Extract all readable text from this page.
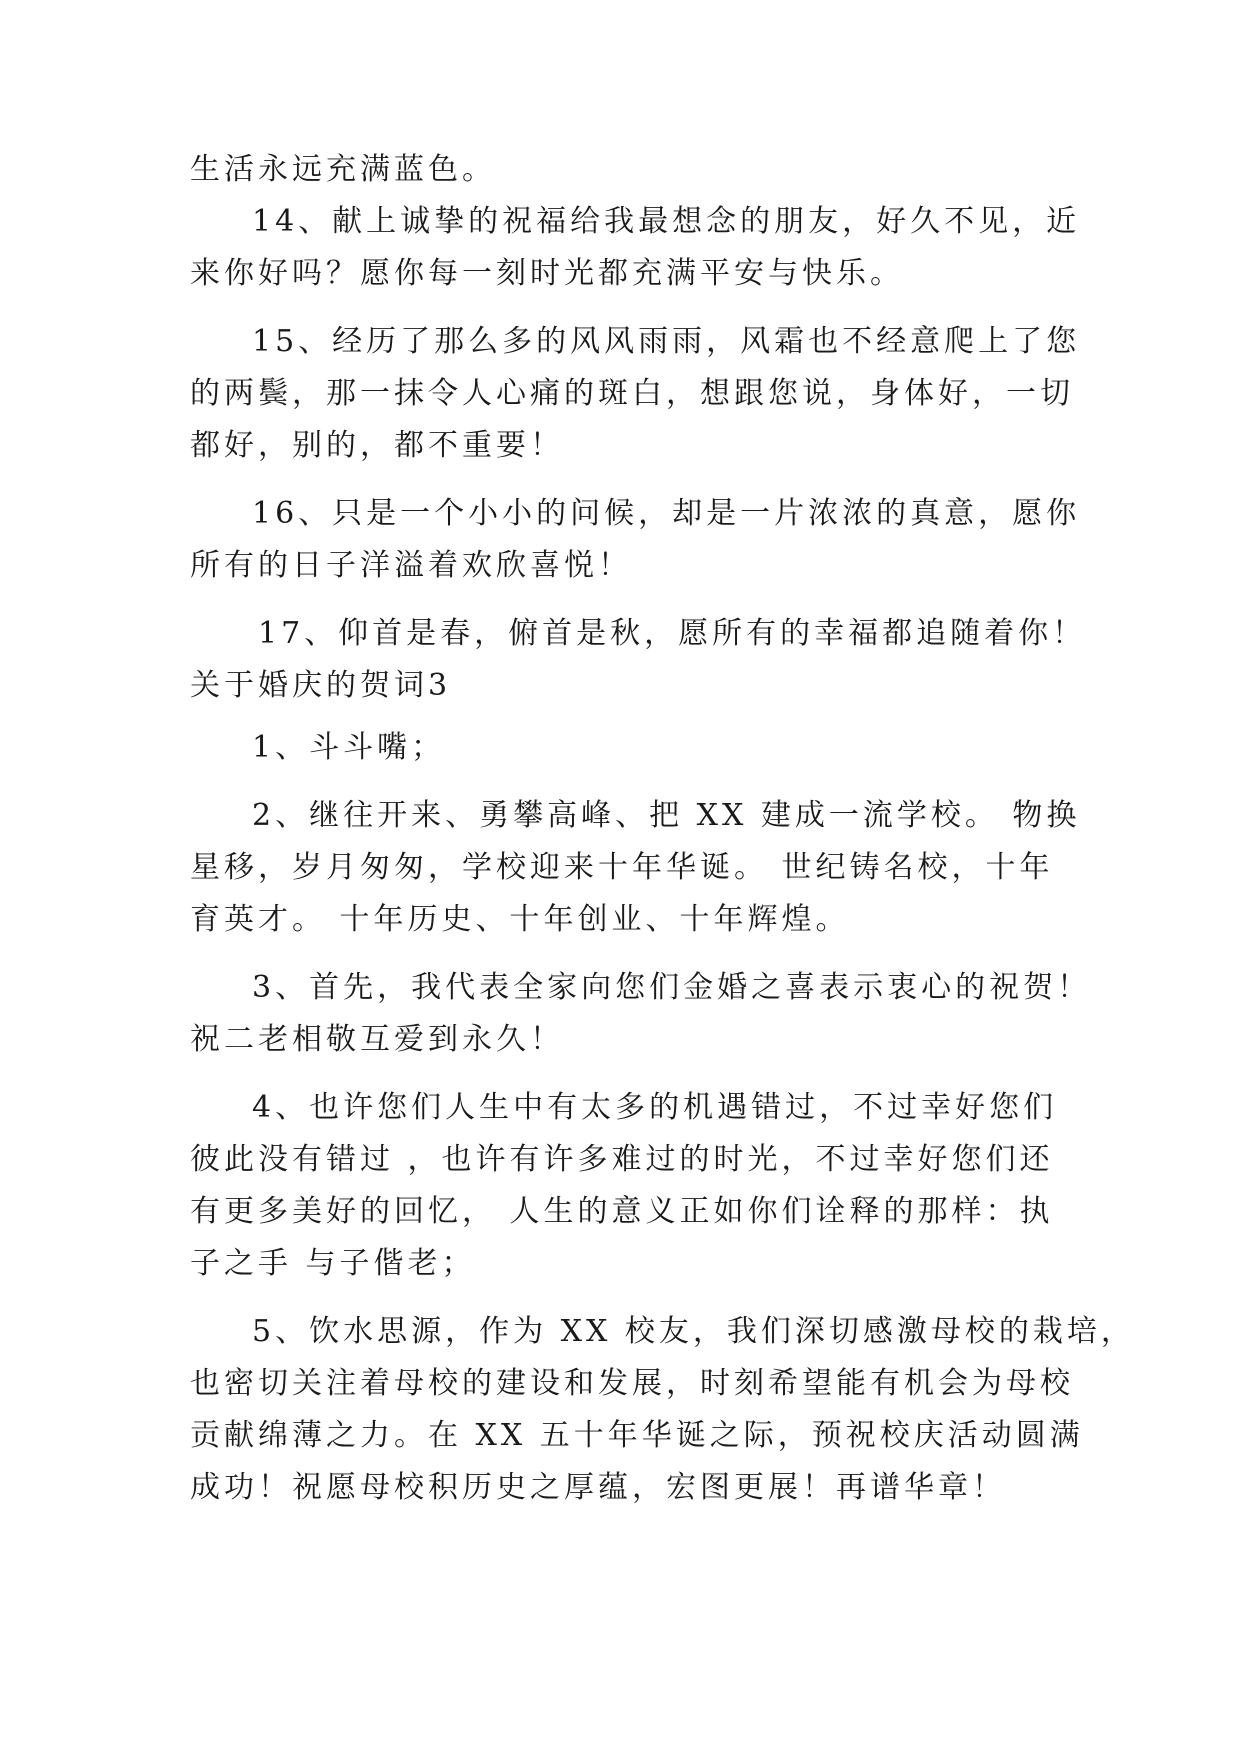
生活永远充满蓝色。
14、献上诚挚的祝福给我最想念的朋友，好久不见，近
来你好吗？愿你每一刻时光都充满平安与快乐。
15、经历了那么多的风风雨雨，风霜也不经意爬上了您
的两鬓，那一抹令人心痛的斑白，想跟您说，身体好，一切
都好，别的，都不重要！
16、只是一个小小的问候，却是一片浓浓的真意，愿你
所有的日子洋溢着欢欣喜悦！
17、仰首是春，俯首是秋，愿所有的幸福都追随着你！
关于婚庆的贺词3
1、斗斗嘴；
2、继往开来、勇攀高峰、把 XX 建成一流学校。 物换
星移，岁月匆匆，学校迎来十年华诞。 世纪铸名校，十年
育英才。 十年历史、十年创业、十年辉煌。
3、首先，我代表全家向您们金婚之喜表示衷心的祝贺！
祝二老相敬互爱到永久！
4、也许您们人生中有太多的机遇错过，不过幸好您们
彼此没有错过 ，也许有许多难过的时光，不过幸好您们还
有更多美好的回忆， 人生的意义正如你们诠释的那样：执
子之手 与子偕老；
5、饮水思源，作为 XX 校友，我们深切感激母校的栽培，
也密切关注着母校的建设和发展，时刻希望能有机会为母校
贡献绵薄之力。在 XX 五十年华诞之际，预祝校庆活动圆满
成功！祝愿母校积历史之厚蕴，宏图更展！再谱华章！
